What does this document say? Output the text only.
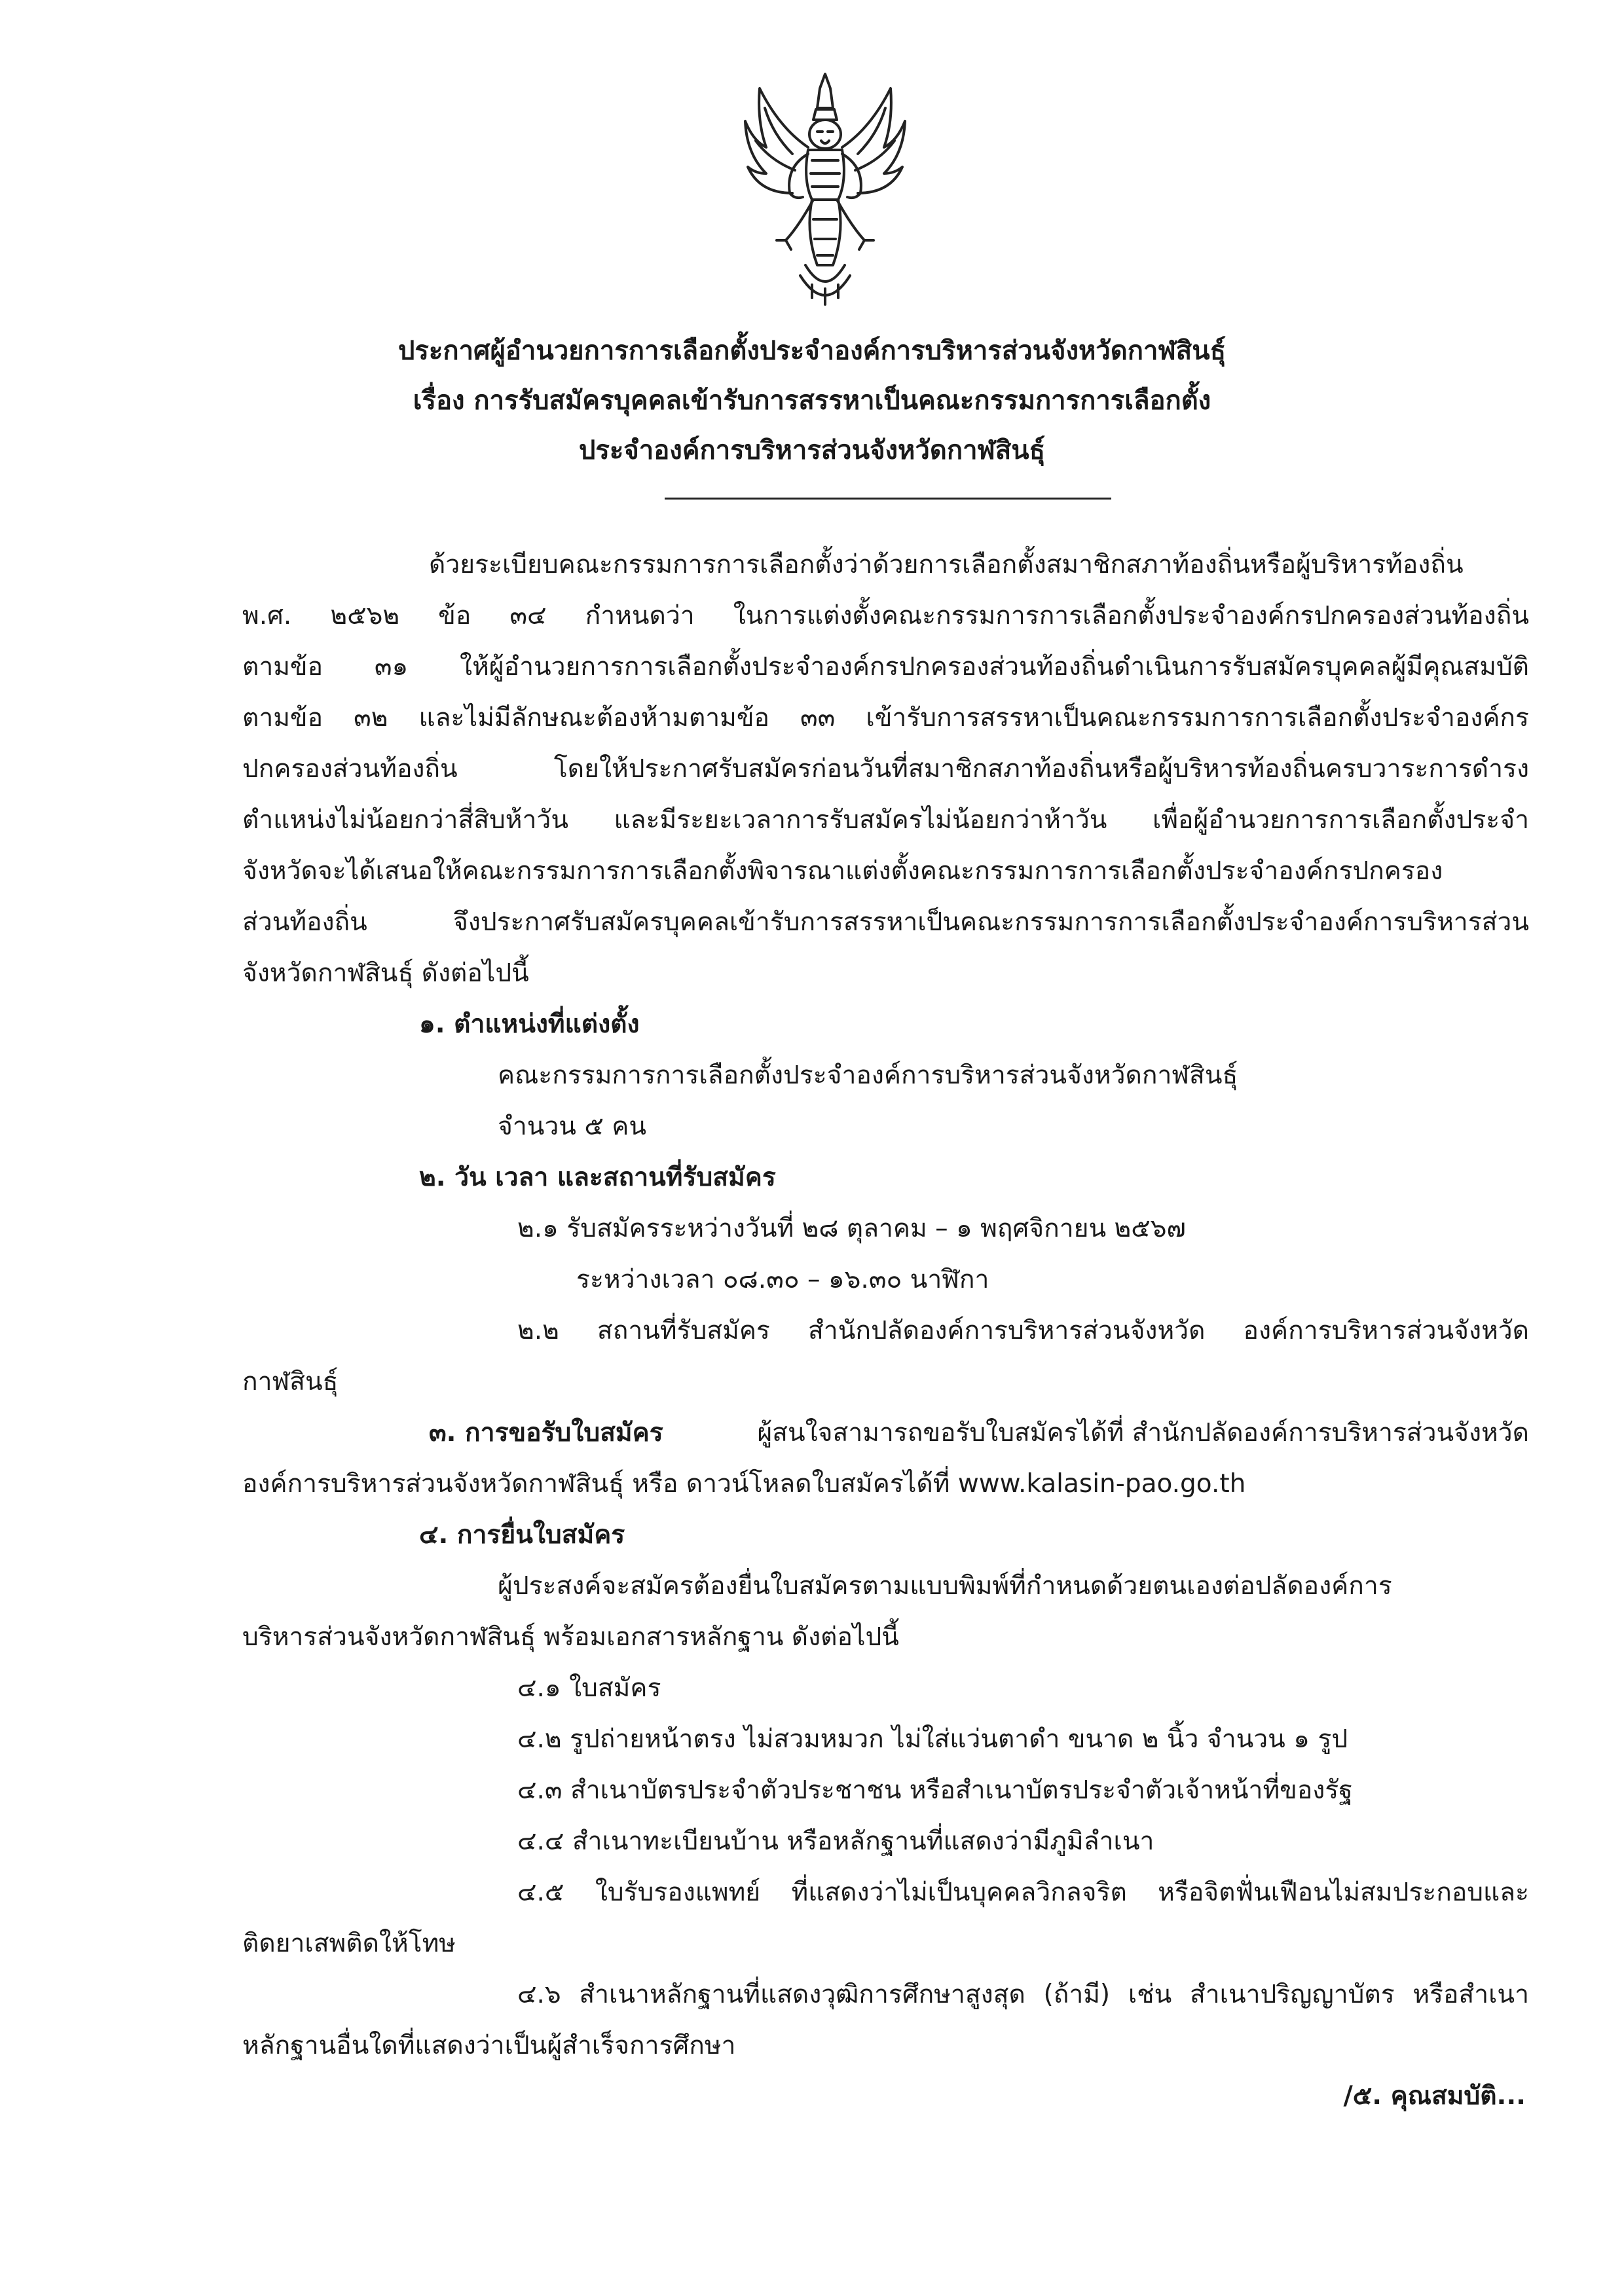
ประกาศผู้อำนวยการการเลือกตั้งประจำองค์การบริหารส่วนจังหวัดกาฬสินธุ์
เรื่อง การรับสมัครบุคคลเข้ารับการสรรหาเป็นคณะกรรมการการเลือกตั้ง
ประจำองค์การบริหารส่วนจังหวัดกาฬสินธุ์
ด้วยระเบียบคณะกรรมการการเลือกตั้งว่าด้วยการเลือกตั้งสมาชิกสภาท้องถิ่นหรือผู้บริหารท้องถิ่น
พ.ศ. ๒๕๖๒ ข้อ ๓๔ กำหนดว่า ในการแต่งตั้งคณะกรรมการการเลือกตั้งประจำองค์กรปกครองส่วนท้องถิ่น
ตามข้อ ๓๑ ให้ผู้อำนวยการการเลือกตั้งประจำองค์กรปกครองส่วนท้องถิ่นดำเนินการรับสมัครบุคคลผู้มีคุณสมบัติ
ตามข้อ ๓๒ และไม่มีลักษณะต้องห้ามตามข้อ ๓๓ เข้ารับการสรรหาเป็นคณะกรรมการการเลือกตั้งประจำองค์กร
ปกครองส่วนท้องถิ่น โดยให้ประกาศรับสมัครก่อนวันที่สมาชิกสภาท้องถิ่นหรือผู้บริหารท้องถิ่นครบวาระการดำรง
ตำแหน่งไม่น้อยกว่าสี่สิบห้าวัน และมีระยะเวลาการรับสมัครไม่น้อยกว่าห้าวัน เพื่อผู้อำนวยการการเลือกตั้งประจำ
จังหวัดจะได้เสนอให้คณะกรรมการการเลือกตั้งพิจารณาแต่งตั้งคณะกรรมการการเลือกตั้งประจำองค์กรปกครอง
ส่วนท้องถิ่น จึงประกาศรับสมัครบุคคลเข้ารับการสรรหาเป็นคณะกรรมการการเลือกตั้งประจำองค์การบริหารส่วน
จังหวัดกาฬสินธุ์ ดังต่อไปนี้
๑. ตำแหน่งที่แต่งตั้ง
คณะกรรมการการเลือกตั้งประจำองค์การบริหารส่วนจังหวัดกาฬสินธุ์
จำนวน ๕ คน
๒. วัน เวลา และสถานที่รับสมัคร
๒.๑ รับสมัครระหว่างวันที่ ๒๘ ตุลาคม – ๑ พฤศจิกายน ๒๕๖๗
ระหว่างเวลา ๐๘.๓๐ – ๑๖.๓๐ นาฬิกา
๒.๒ สถานที่รับสมัคร สำนักปลัดองค์การบริหารส่วนจังหวัด องค์การบริหารส่วนจังหวัด
กาฬสินธุ์
๓. การขอรับใบสมัคร	ผู้สนใจสามารถขอรับใบสมัครได้ที่ สำนักปลัดองค์การบริหารส่วนจังหวัด
องค์การบริหารส่วนจังหวัดกาฬสินธุ์ หรือ ดาวน์โหลดใบสมัครได้ที่ www.kalasin-pao.go.th
๔. การยื่นใบสมัคร
ผู้ประสงค์จะสมัครต้องยื่นใบสมัครตามแบบพิมพ์ที่กำหนดด้วยตนเองต่อปลัดองค์การ
บริหารส่วนจังหวัดกาฬสินธุ์ พร้อมเอกสารหลักฐาน ดังต่อไปนี้
๔.๑ ใบสมัคร
๔.๒ รูปถ่ายหน้าตรง ไม่สวมหมวก ไม่ใส่แว่นตาดำ ขนาด ๒ นิ้ว จำนวน ๑ รูป
๔.๓ สำเนาบัตรประจำตัวประชาชน หรือสำเนาบัตรประจำตัวเจ้าหน้าที่ของรัฐ
๔.๔ สำเนาทะเบียนบ้าน หรือหลักฐานที่แสดงว่ามีภูมิลำเนา
๔.๕ ใบรับรองแพทย์ ที่แสดงว่าไม่เป็นบุคคลวิกลจริต หรือจิตฟั่นเฟือนไม่สมประกอบและ
ติดยาเสพติดให้โทษ
๔.๖ สำเนาหลักฐานที่แสดงวุฒิการศึกษาสูงสุด (ถ้ามี) เช่น สำเนาปริญญาบัตร หรือสำเนา
หลักฐานอื่นใดที่แสดงว่าเป็นผู้สำเร็จการศึกษา
/๕. คุณสมบัติ...
